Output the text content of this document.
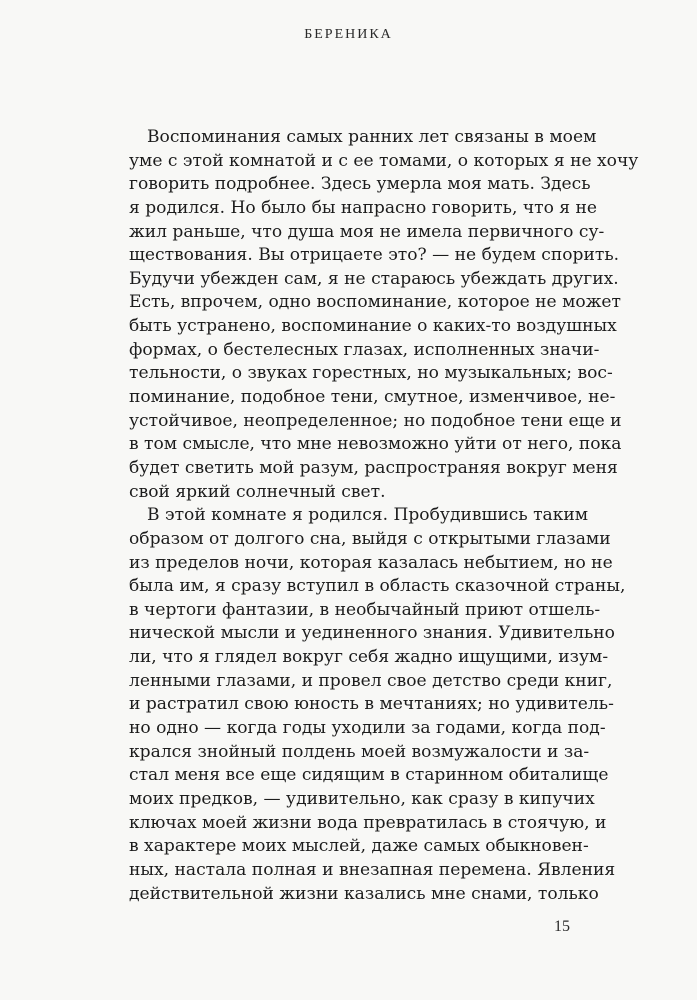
БЕРЕНИКА
Воспоминания самых ранних лет связаны в моем
уме с этой комнатой и с ее томами, о которых я не хочу
говорить подробнее. Здесь умерла моя мать. Здесь
я родился. Но было бы напрасно говорить, что я не
жил раньше, что душа моя не имела первичного су-
ществования. Вы отрицаете это? — не будем спорить.
Будучи убежден сам, я не стараюсь убеждать других.
Есть, впрочем, одно воспоминание, которое не может
быть устранено, воспоминание о каких-то воздушных
формах, о бестелесных глазах, исполненных значи-
тельности, о звуках горестных, но музыкальных; вос-
поминание, подобное тени, смутное, изменчивое, не-
устойчивое, неопределенное; но подобное тени еще и
в том смысле, что мне невозможно уйти от него, пока
будет светить мой разум, распространяя вокруг меня
свой яркий солнечный свет.
В этой комнате я родился. Пробудившись таким
образом от долгого сна, выйдя с открытыми глазами
из пределов ночи, которая казалась небытием, но не
была им, я сразу вступил в область сказочной страны,
в чертоги фантазии, в необычайный приют отшель-
нической мысли и уединенного знания. Удивительно
ли, что я глядел вокруг себя жадно ищущими, изум-
ленными глазами, и провел свое детство среди книг,
и растратил свою юность в мечтаниях; но удивитель-
но одно — когда годы уходили за годами, когда под-
крался знойный полдень моей возмужалости и за-
стал меня все еще сидящим в старинном обиталище
моих предков, — удивительно, как сразу в кипучих
ключах моей жизни вода превратилась в стоячую, и
в характере моих мыслей, даже самых обыкновен-
ных, настала полная и внезапная перемена. Явления
действительной жизни казались мне снами, только
15
